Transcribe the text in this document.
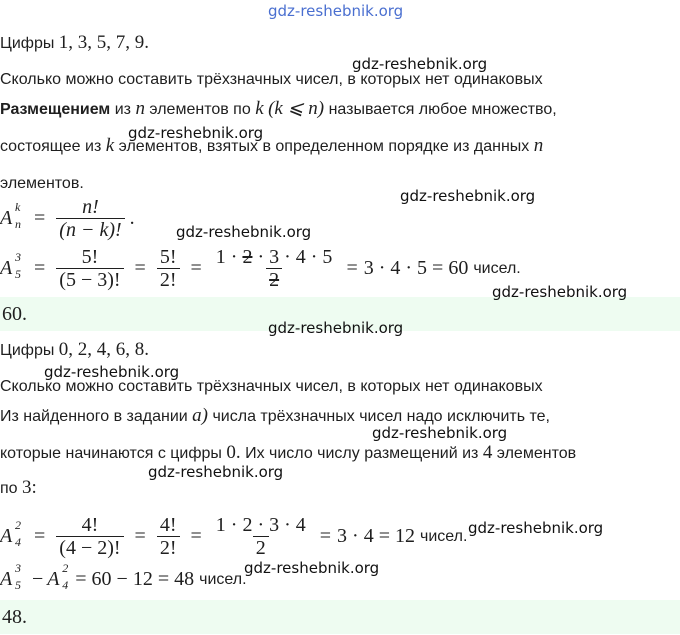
Цифры 1, 3, 5, 7, 9.
Сколько можно составить трёхзначных чисел, в которых нет одинаковых
Размещением из n элементов по k (k ⩽ n) называется любое множество,
состоящее из k элементов, взятых в определенном порядке из данных n
элементов.
A k
$n = \frac{n!}{(n - k)!}$ .
A 3
$5 = \frac{5!}{(5 - 3)!} = \frac{5!}{2!} = \frac{1 \cdot 2 \cdot 3 \cdot 4 \cdot 5}{2} = 3 \cdot 4 \cdot 5 = 60$ чисел.
60.
Цифры 0, 2, 4, 6, 8.
Сколько можно составить трёхзначных чисел, в которых нет одинаковых
Из найденного в задании a) числа трёхзначных чисел надо исключить те,
которые начинаются с цифры 0. Их число числу размещений из 4 элементов
по 3:
A 2
$4 = \frac{4!}{(4 - 2)!} = \frac{4!}{2!} = \frac{1 \cdot 2 \cdot 3 \cdot 4}{2} = 3 \cdot 4 = 12$ чисел.
A 3
5 − A 2
4 = 60 − 12 = 48 чисел.
48.
gdz-reshebnik.org
gdz-reshebnik.org
gdz-reshebnik.org
gdz-reshebnik.org
gdz-reshebnik.org
gdz-reshebnik.org
gdz-reshebnik.org
gdz-reshebnik.org
gdz-reshebnik.org
gdz-reshebnik.org
gdz-reshebnik.org
gdz-reshebnik.org
